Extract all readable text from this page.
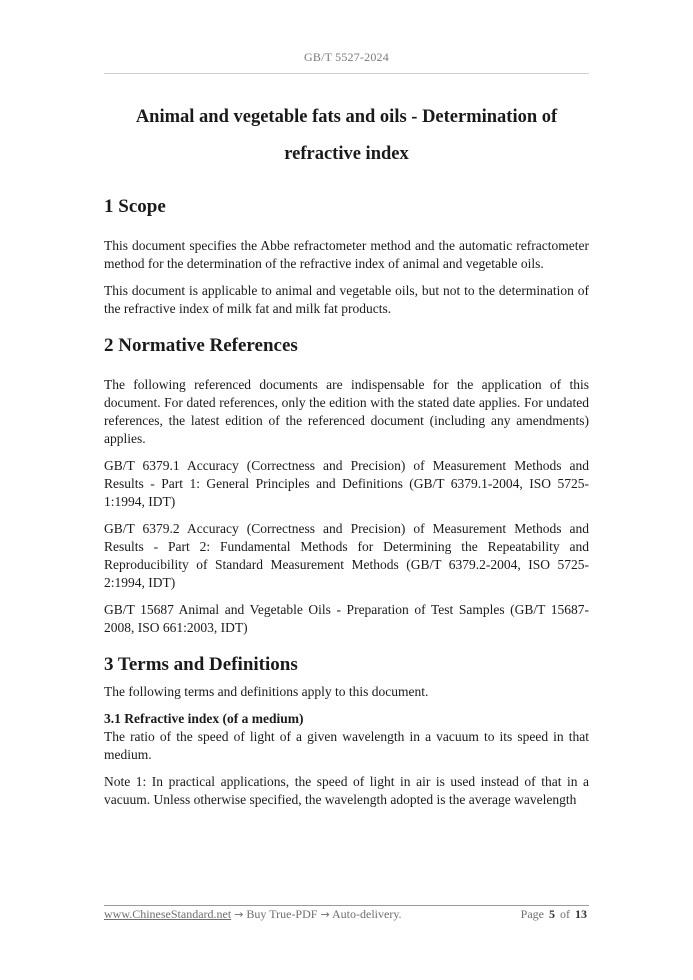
GB/T 5527-2024
Animal and vegetable fats and oils - Determination of
refractive index
1 Scope

This document specifies the Abbe refractometer method and the automatic refractometer method for the determination of the refractive index of animal and vegetable oils.

This document is applicable to animal and vegetable oils, but not to the determination of the refractive index of milk fat and milk fat products.

2 Normative References

The following referenced documents are indispensable for the application of this document. For dated references, only the edition with the stated date applies. For undated references, the latest edition of the referenced document (including any amendments) applies.

GB/T 6379.1 Accuracy (Correctness and Precision) of Measurement Methods and Results - Part 1: General Principles and Definitions (GB/T 6379.1-2004, ISO 5725-1:1994, IDT)

GB/T 6379.2 Accuracy (Correctness and Precision) of Measurement Methods and Results - Part 2: Fundamental Methods for Determining the Repeatability and Reproducibility of Standard Measurement Methods (GB/T 6379.2-2004, ISO 5725-2:1994, IDT)

GB/T 15687 Animal and Vegetable Oils - Preparation of Test Samples (GB/T 15687-2008, ISO 661:2003, IDT)

3 Terms and Definitions

The following terms and definitions apply to this document.

3.1 Refractive index (of a medium)

The ratio of the speed of light of a given wavelength in a vacuum to its speed in that medium.

Note 1: In practical applications, the speed of light in air is used instead of that in a vacuum. Unless otherwise specified, the wavelength adopted is the average wavelength

www.ChineseStandard.net → Buy True-PDF → Auto-delivery.	Page 5 of 13
